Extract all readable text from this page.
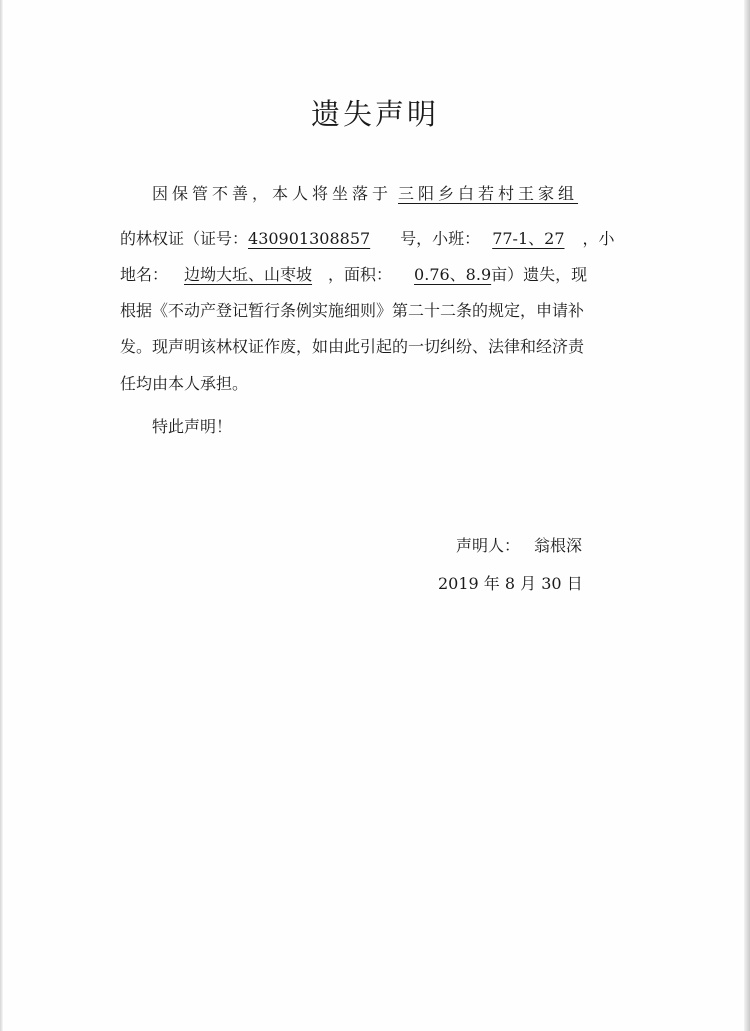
遗失声明
因保管不善，本人将坐落于 三阳乡白若村王家组
的林权证（证号：430901308857 号，小班： 77-1、27 ，小
地名： 边坳大坵、山枣坡 ，面积： 0.76、8.9亩）遗失，现
根据《不动产登记暂行条例实施细则》第二十二条的规定，申请补
发。现声明该林权证作废，如由此引起的一切纠纷、法律和经济责
任均由本人承担。
特此声明！
声明人： 翁根深
2019 年 8 月 30 日
